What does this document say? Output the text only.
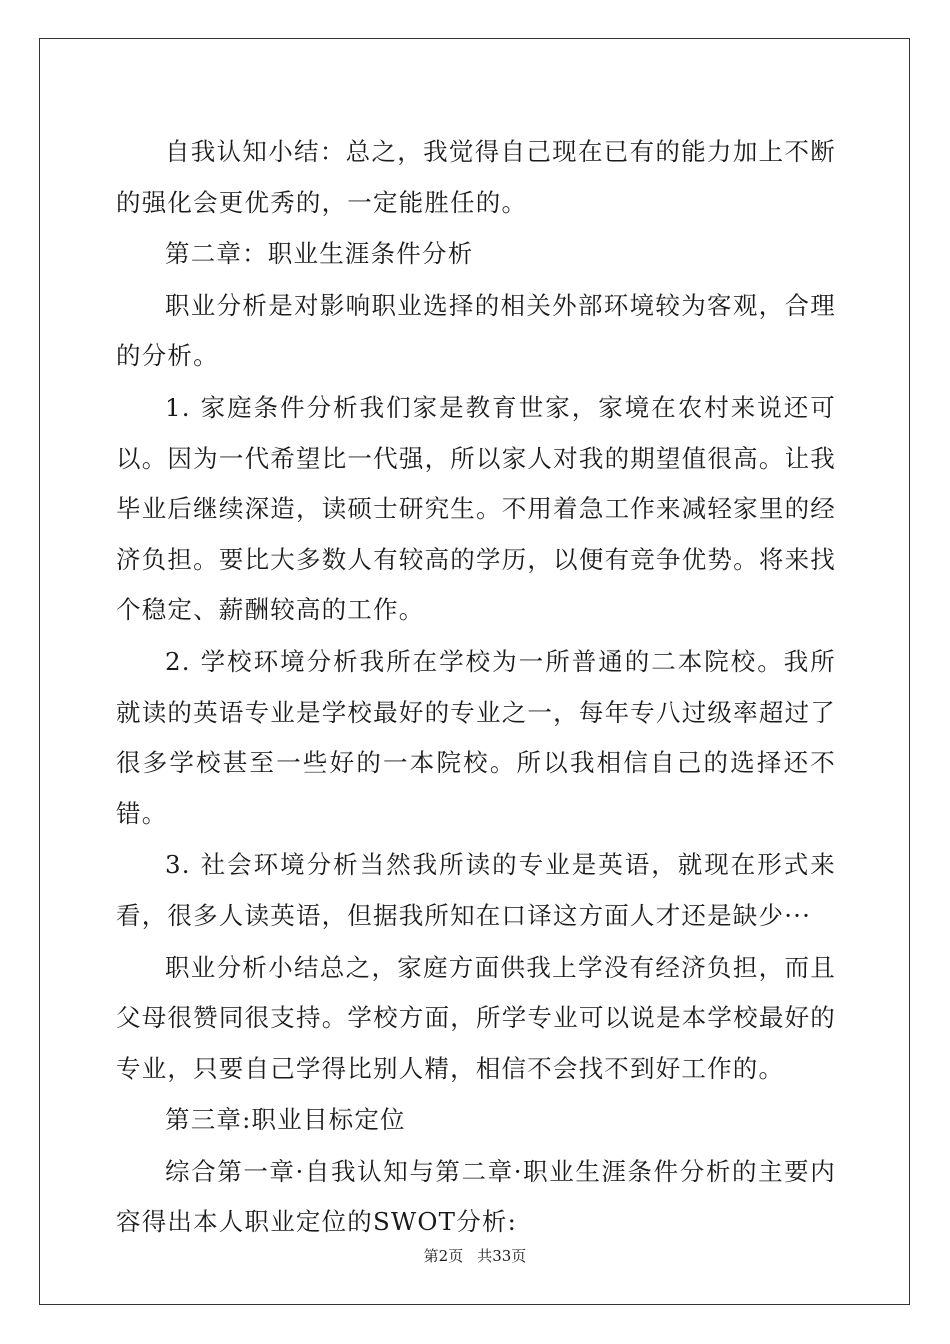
自我认知小结：总之，我觉得自己现在已有的能力加上不断的强化会更优秀的，一定能胜任的。

第二章：职业生涯条件分析

职业分析是对影响职业选择的相关外部环境较为客观，合理的分析。

1. 家庭条件分析我们家是教育世家，家境在农村来说还可以。因为一代希望比一代强，所以家人对我的期望值很高。让我毕业后继续深造，读硕士研究生。不用着急工作来减轻家里的经济负担。要比大多数人有较高的学历，以便有竞争优势。将来找个稳定、薪酬较高的工作。

2. 学校环境分析我所在学校为一所普通的二本院校。我所就读的英语专业是学校最好的专业之一，每年专八过级率超过了很多学校甚至一些好的一本院校。所以我相信自己的选择还不错。

3. 社会环境分析当然我所读的专业是英语，就现在形式来看，很多人读英语，但据我所知在口译这方面人才还是缺少···

职业分析小结总之，家庭方面供我上学没有经济负担，而且父母很赞同很支持。学校方面，所学专业可以说是本学校最好的专业，只要自己学得比别人精，相信不会找不到好工作的。

第三章:职业目标定位

综合第一章·自我认知与第二章·职业生涯条件分析的主要内容得出本人职业定位的SWOT分析:

第2页 共33页
